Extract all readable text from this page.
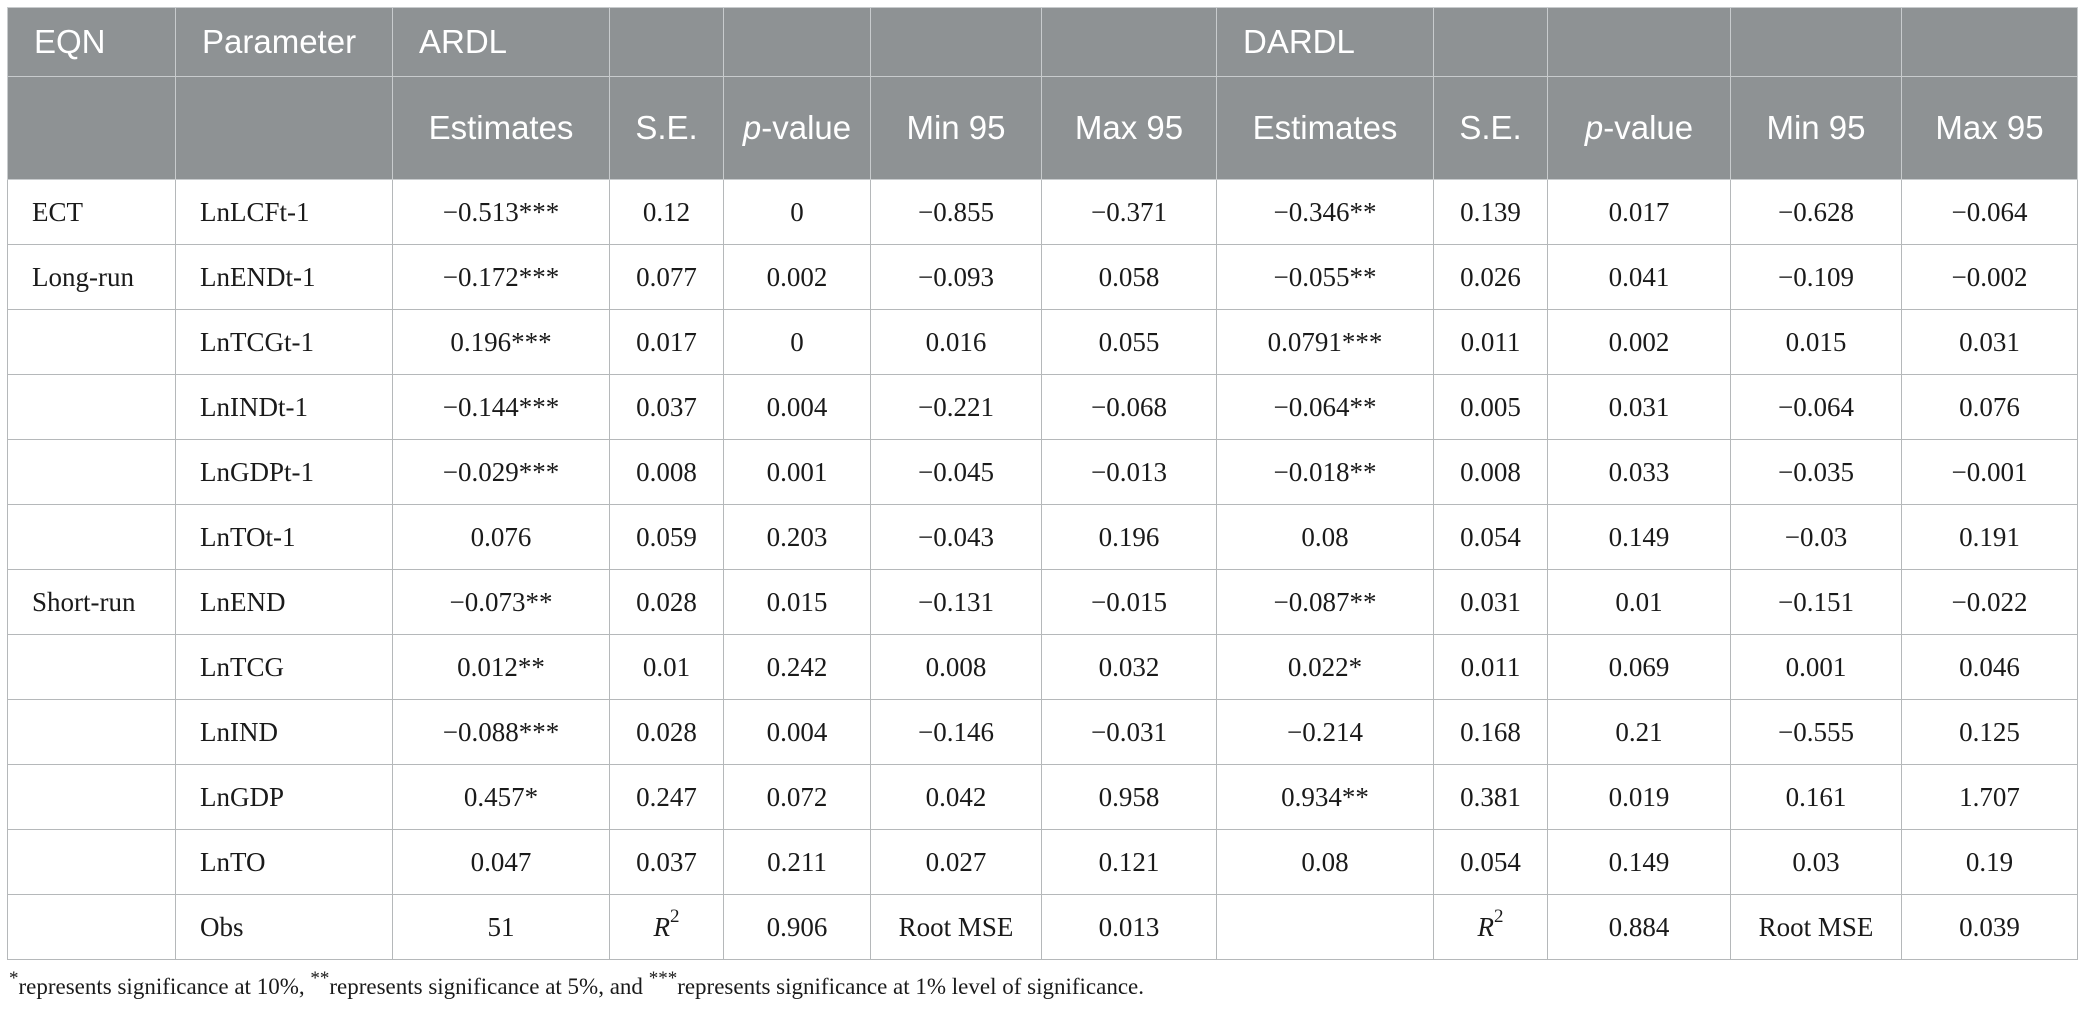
EQN	Parameter	ARDL					DARDL				
		Estimates	S.E.	p-value	Min 95	Max 95	Estimates	S.E.	p-value	Min 95	Max 95
ECT	LnLCFt-1	−0.513***	0.12	0	−0.855	−0.371	−0.346**	0.139	0.017	−0.628	−0.064
Long-run	LnENDt-1	−0.172***	0.077	0.002	−0.093	0.058	−0.055**	0.026	0.041	−0.109	−0.002
	LnTCGt-1	0.196***	0.017	0	0.016	0.055	0.0791***	0.011	0.002	0.015	0.031
	LnINDt-1	−0.144***	0.037	0.004	−0.221	−0.068	−0.064**	0.005	0.031	−0.064	0.076
	LnGDPt-1	−0.029***	0.008	0.001	−0.045	−0.013	−0.018**	0.008	0.033	−0.035	−0.001
	LnTOt-1	0.076	0.059	0.203	−0.043	0.196	0.08	0.054	0.149	−0.03	0.191
Short-run	LnEND	−0.073**	0.028	0.015	−0.131	−0.015	−0.087**	0.031	0.01	−0.151	−0.022
	LnTCG	0.012**	0.01	0.242	0.008	0.032	0.022*	0.011	0.069	0.001	0.046
	LnIND	−0.088***	0.028	0.004	−0.146	−0.031	−0.214	0.168	0.21	−0.555	0.125
	LnGDP	0.457*	0.247	0.072	0.042	0.958	0.934**	0.381	0.019	0.161	1.707
	LnTO	0.047	0.037	0.211	0.027	0.121	0.08	0.054	0.149	0.03	0.19
	Obs	51	$R^2$	0.906	Root MSE	0.013		$R^2$	0.884	Root MSE	0.039
*represents significance at 10%, **represents significance at 5%, and ***represents significance at 1% level of significance.
